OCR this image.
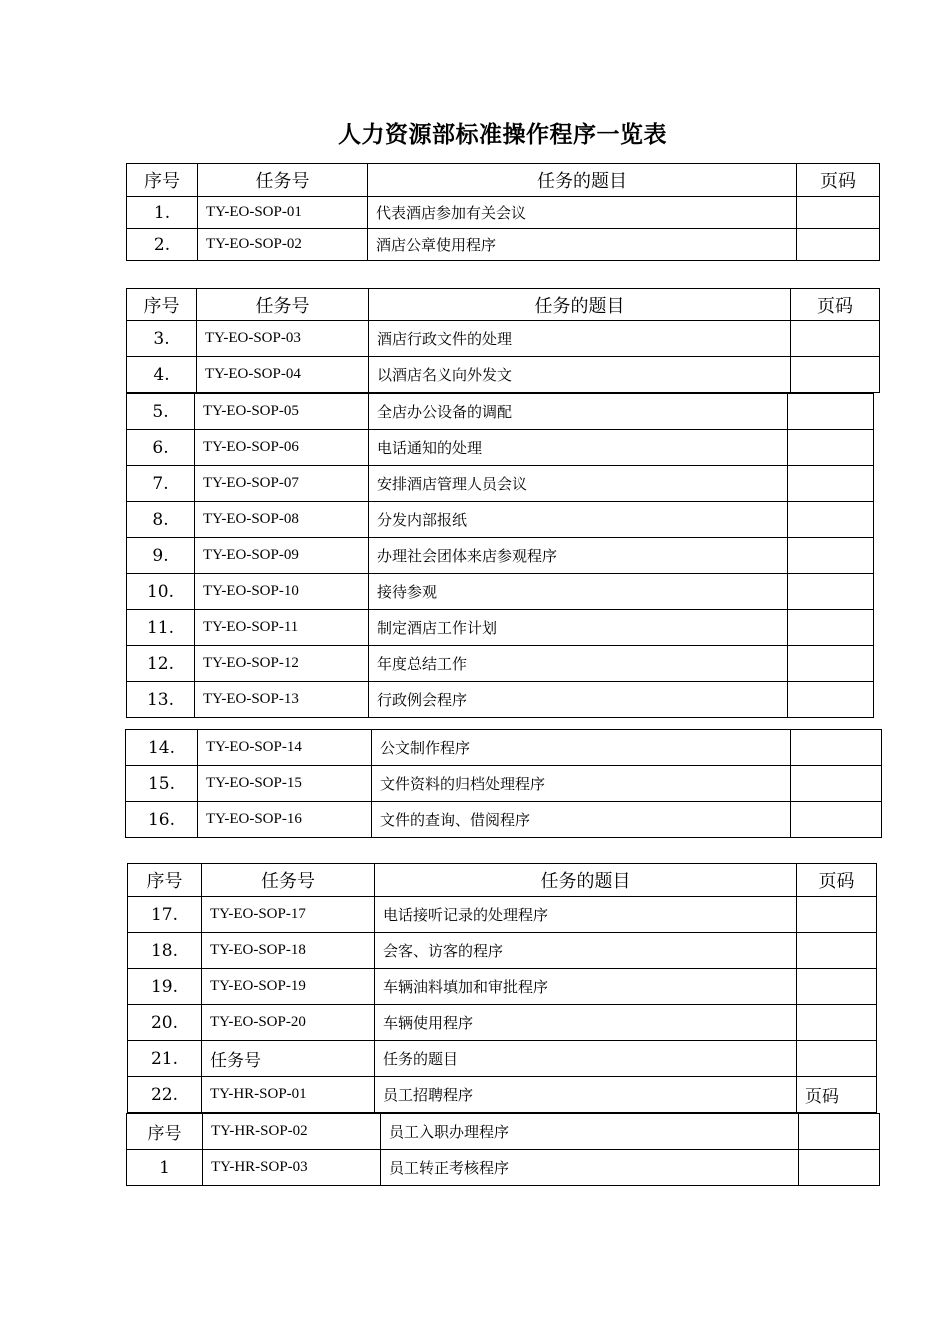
人力资源部标准操作程序一览表
序号	任务号	任务的题目	页码
1.	TY-EO-SOP-01	代表酒店参加有关会议	
2.	TY-EO-SOP-02	酒店公章使用程序	
序号	任务号	任务的题目	页码
3.	TY-EO-SOP-03	酒店行政文件的处理	
4.	TY-EO-SOP-04	以酒店名义向外发文	
5.	TY-EO-SOP-05	全店办公设备的调配	
6.	TY-EO-SOP-06	电话通知的处理	
7.	TY-EO-SOP-07	安排酒店管理人员会议	
8.	TY-EO-SOP-08	分发内部报纸	
9.	TY-EO-SOP-09	办理社会团体来店参观程序	
10.	TY-EO-SOP-10	接待参观	
11.	TY-EO-SOP-11	制定酒店工作计划	
12.	TY-EO-SOP-12	年度总结工作	
13.	TY-EO-SOP-13	行政例会程序	
14.	TY-EO-SOP-14	公文制作程序	
15.	TY-EO-SOP-15	文件资料的归档处理程序	
16.	TY-EO-SOP-16	文件的查询、借阅程序	
序号	任务号	任务的题目	页码
17.	TY-EO-SOP-17	电话接听记录的处理程序	
18.	TY-EO-SOP-18	会客、访客的程序	
19.	TY-EO-SOP-19	车辆油料填加和审批程序	
20.	TY-EO-SOP-20	车辆使用程序	
21.	任务号	任务的题目	
22.	TY-HR-SOP-01	员工招聘程序	页码
序号	TY-HR-SOP-02	员工入职办理程序	
1	TY-HR-SOP-03	员工转正考核程序	
